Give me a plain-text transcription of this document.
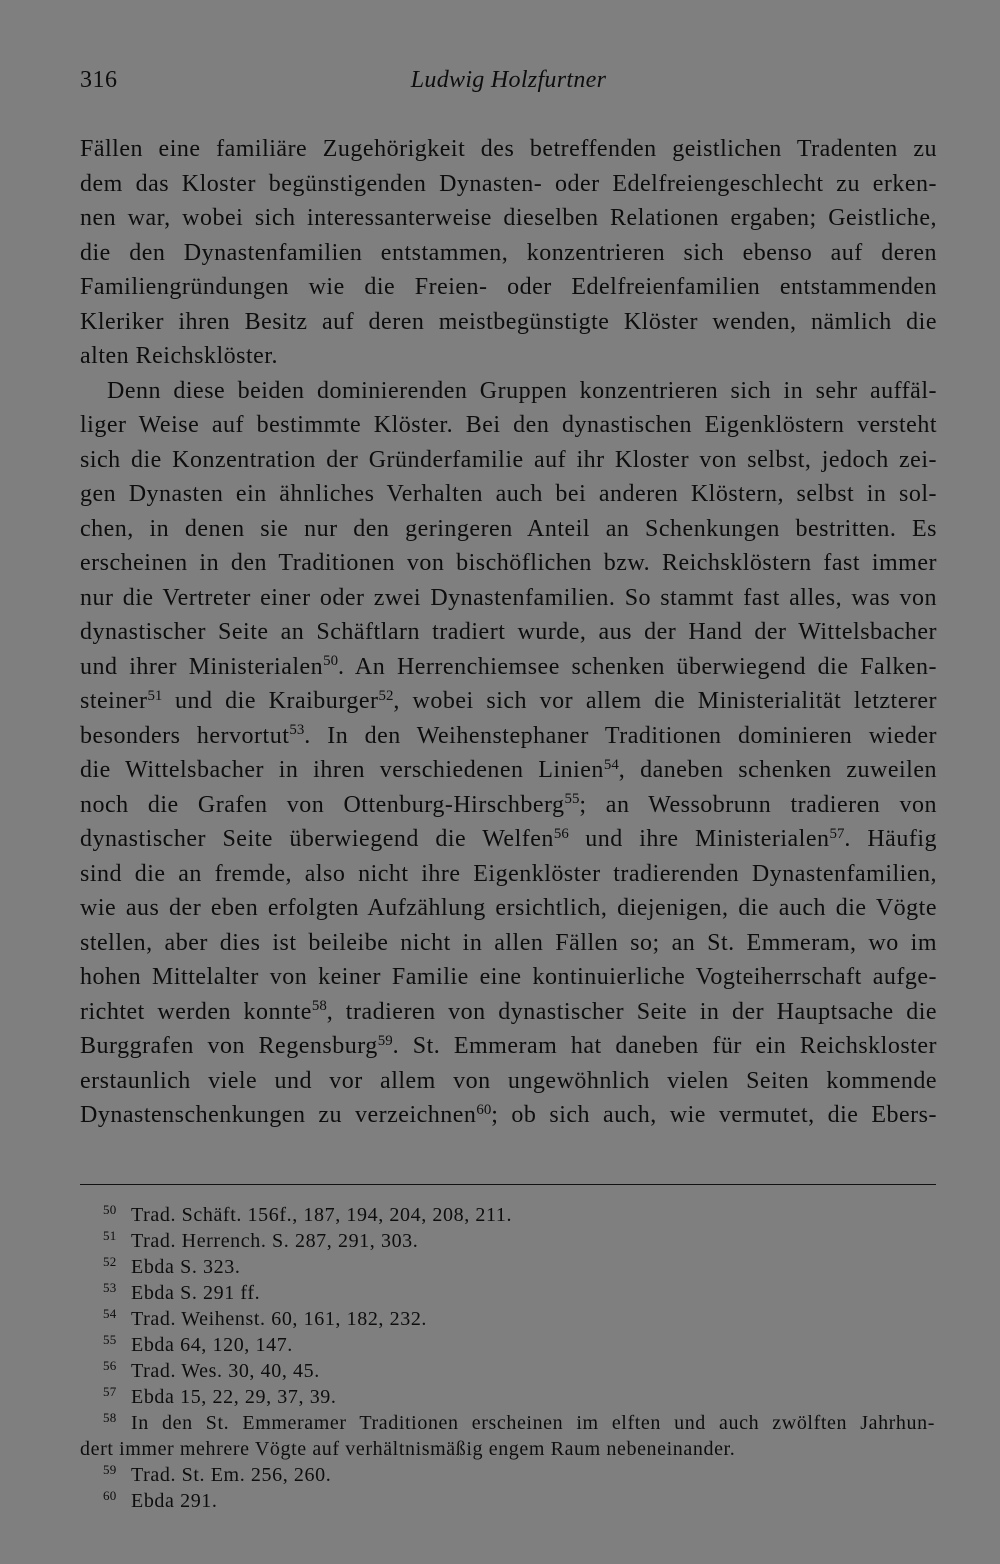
316	Ludwig Holzfurtner
Fällen eine familiäre Zugehörigkeit des betreffenden geistlichen Tradenten zu
dem das Kloster begünstigenden Dynasten- oder Edelfreiengeschlecht zu erken-
nen war, wobei sich interessanterweise dieselben Relationen ergaben; Geistliche,
die den Dynastenfamilien entstammen, konzentrieren sich ebenso auf deren
Familiengründungen wie die Freien- oder Edelfreienfamilien entstammenden
Kleriker ihren Besitz auf deren meistbegünstigte Klöster wenden, nämlich die
alten Reichsklöster.
Denn diese beiden dominierenden Gruppen konzentrieren sich in sehr auffäl-
liger Weise auf bestimmte Klöster. Bei den dynastischen Eigenklöstern versteht
sich die Konzentration der Gründerfamilie auf ihr Kloster von selbst, jedoch zei-
gen Dynasten ein ähnliches Verhalten auch bei anderen Klöstern, selbst in sol-
chen, in denen sie nur den geringeren Anteil an Schenkungen bestritten. Es
erscheinen in den Traditionen von bischöflichen bzw. Reichsklöstern fast immer
nur die Vertreter einer oder zwei Dynastenfamilien. So stammt fast alles, was von
dynastischer Seite an Schäftlarn tradiert wurde, aus der Hand der Wittelsbacher
und ihrer Ministerialen$^{50}$. An Herrenchiemsee schenken überwiegend die Falken-
steiner$^{51}$ und die Kraiburger$^{52}$, wobei sich vor allem die Ministerialität letzterer
besonders hervortut$^{53}$. In den Weihenstephaner Traditionen dominieren wieder
die Wittelsbacher in ihren verschiedenen Linien$^{54}$, daneben schenken zuweilen
noch die Grafen von Ottenburg-Hirschberg$^{55}$; an Wessobrunn tradieren von
dynastischer Seite überwiegend die Welfen$^{56}$ und ihre Ministerialen$^{57}$. Häufig
sind die an fremde, also nicht ihre Eigenklöster tradierenden Dynastenfamilien,
wie aus der eben erfolgten Aufzählung ersichtlich, diejenigen, die auch die Vögte
stellen, aber dies ist beileibe nicht in allen Fällen so; an St. Emmeram, wo im
hohen Mittelalter von keiner Familie eine kontinuierliche Vogteiherrschaft aufge-
richtet werden konnte$^{58}$, tradieren von dynastischer Seite in der Hauptsache die
Burggrafen von Regensburg$^{59}$. St. Emmeram hat daneben für ein Reichskloster
erstaunlich viele und vor allem von ungewöhnlich vielen Seiten kommende
Dynastenschenkungen zu verzeichnen$^{60}$; ob sich auch, wie vermutet, die Ebers-
50 Trad. Schäft. 156f., 187, 194, 204, 208, 211.
51 Trad. Herrench. S. 287, 291, 303.
52 Ebda S. 323.
53 Ebda S. 291 ff.
54 Trad. Weihenst. 60, 161, 182, 232.
55 Ebda 64, 120, 147.
56 Trad. Wes. 30, 40, 45.
57 Ebda 15, 22, 29, 37, 39.
58 In den St. Emmeramer Traditionen erscheinen im elften und auch zwölften Jahrhun-
dert immer mehrere Vögte auf verhältnismäßig engem Raum nebeneinander.
59 Trad. St. Em. 256, 260.
60 Ebda 291.
